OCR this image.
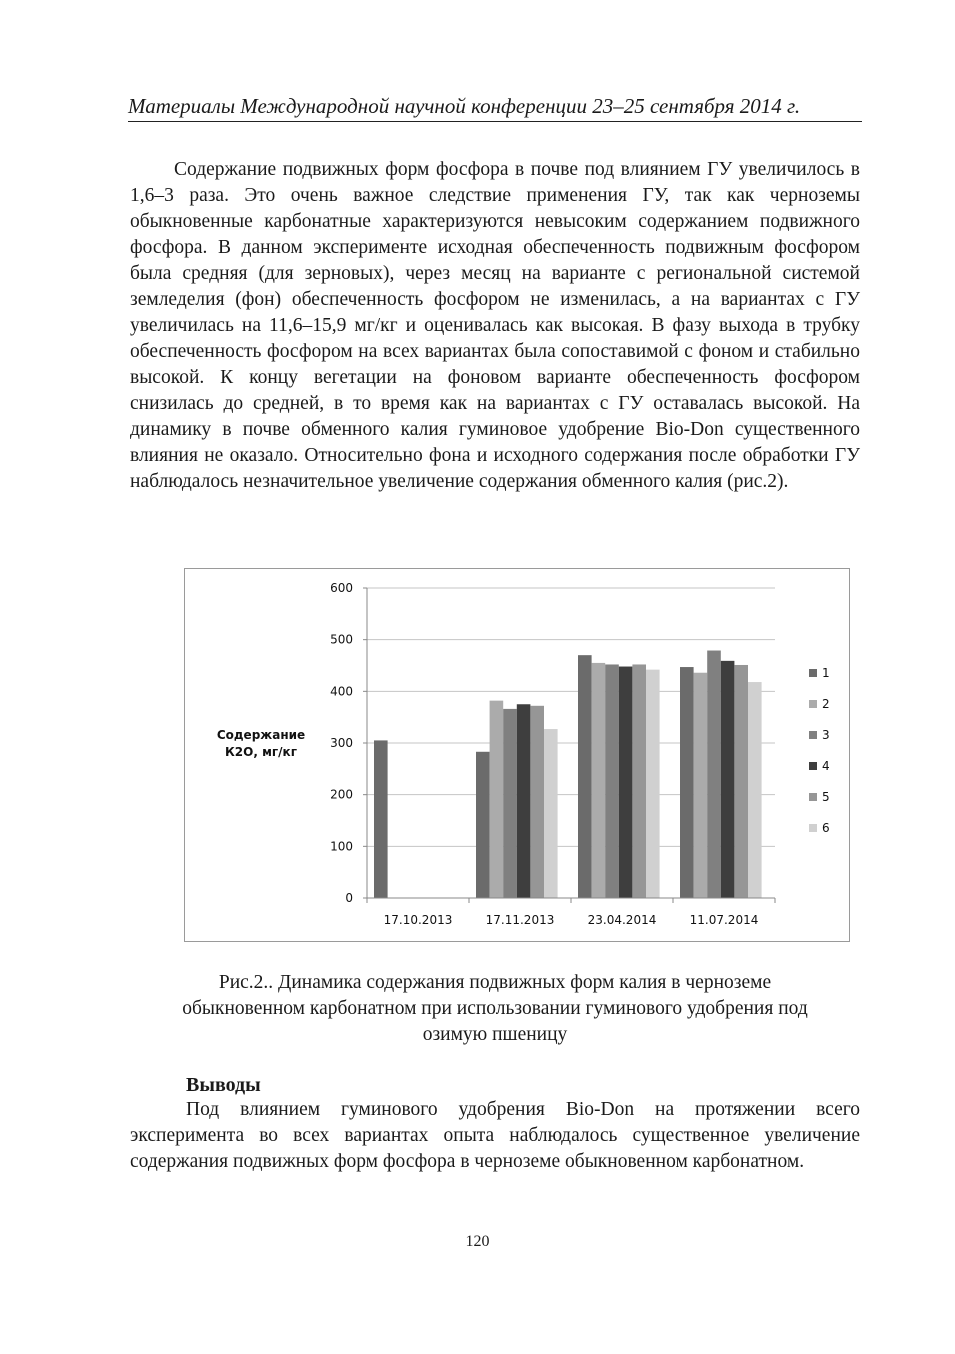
Материалы Международной научной конференции 23–25 сентября 2014 г.

Содержание подвижных форм фосфора в почве под влиянием ГУ увеличилось в 1,6–3 раза. Это очень важное следствие применения ГУ, так как черноземы обыкновенные карбонатные характеризуются невысоким содержанием подвижного фосфора. В данном эксперименте исходная обеспеченность подвижным фосфором была средняя (для зерновых), через месяц на варианте с региональной системой земледелия (фон) обеспеченность фосфором не изменилась, а на вариантах с ГУ увеличилась на 11,6–15,9 мг/кг и оценивалась как высокая. В фазу выхода в трубку обеспеченность фосфором на всех вариантах была сопоставимой с фоном и стабильно высокой. К концу вегетации на фоновом варианте обеспеченность фосфором снизилась до средней, в то время как на вариантах с ГУ оставалась высокой. На динамику в почве обменного калия гуминовое удобрение Bio-Don существенного влияния не оказало. Относительно фона и исходного содержания после обработки ГУ наблюдалось незначительное увеличение содержания обменного калия (рис.2).

0
100
200
300
400
500
600
17.10.2013	17.11.2013	23.04.2014	11.07.2014
1
2
3
4
5
6
Содержание
К2О, мг/кг

Рис.2.. Динамика содержания подвижных форм калия в черноземе
обыкновенном карбонатном при использовании гуминового удобрения под
озимую пшеницу

Выводы

Под влиянием гуминового удобрения Bio-Don на протяжении всего эксперимента во всех вариантах опыта наблюдалось существенное увеличение содержания подвижных форм фосфора в черноземе обыкновенном карбонатном.

120
